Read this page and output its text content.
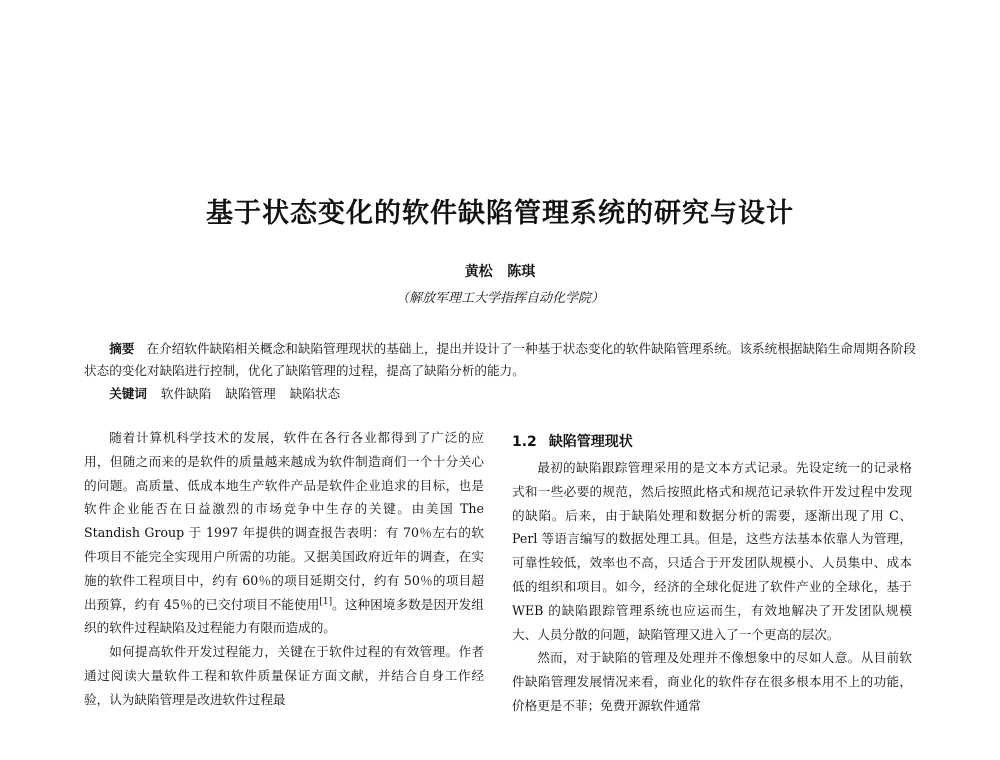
基于状态变化的软件缺陷管理系统的研究与设计
黄松   陈琪
（解放军理工大学指挥自动化学院）

摘要 在介绍软件缺陷相关概念和缺陷管理现状的基础上，提出并设计了一种基于状态变化的软件缺陷管理系统。该系统根据缺陷生命周期各阶段状态的变化对缺陷进行控制，优化了缺陷管理的过程，提高了缺陷分析的能力。

关键词 软件缺陷 缺陷管理 缺陷状态

随着计算机科学技术的发展，软件在各行各业都得到了广泛的应用，但随之而来的是软件的质量越来越成为软件制造商们一个十分关心的问题。高质量、低成本地生产软件产品是软件企业追求的目标，也是软件企业能否在日益激烈的市场竞争中生存的关键。由美国 The Standish Group 于 1997 年提供的调查报告表明：有 70％左右的软件项目不能完全实现用户所需的功能。又据美国政府近年的调查，在实施的软件工程项目中，约有 60％的项目延期交付，约有 50％的项目超出预算，约有 45％的已交付项目不能使用[1]。这种困境多数是因开发组织的软件过程缺陷及过程能力有限而造成的。

如何提高软件开发过程能力，关键在于软件过程的有效管理。作者通过阅读大量软件工程和软件质量保证方面文献，并结合自身工作经验，认为缺陷管理是改进软件过程最

1.2 缺陷管理现状

最初的缺陷跟踪管理采用的是文本方式记录。先设定统一的记录格式和一些必要的规范，然后按照此格式和规范记录软件开发过程中发现的缺陷。后来，由于缺陷处理和数据分析的需要，逐渐出现了用 C、Perl 等语言编写的数据处理工具。但是，这些方法基本依靠人为管理，可靠性较低，效率也不高，只适合于开发团队规模小、人员集中、成本低的组织和项目。如今，经济的全球化促进了软件产业的全球化，基于 WEB 的缺陷跟踪管理系统也应运而生，有效地解决了开发团队规模大、人员分散的问题，缺陷管理又进入了一个更高的层次。

然而，对于缺陷的管理及处理并不像想象中的尽如人意。从目前软件缺陷管理发展情况来看，商业化的软件存在很多根本用不上的功能，价格更是不菲；免费开源软件通常
